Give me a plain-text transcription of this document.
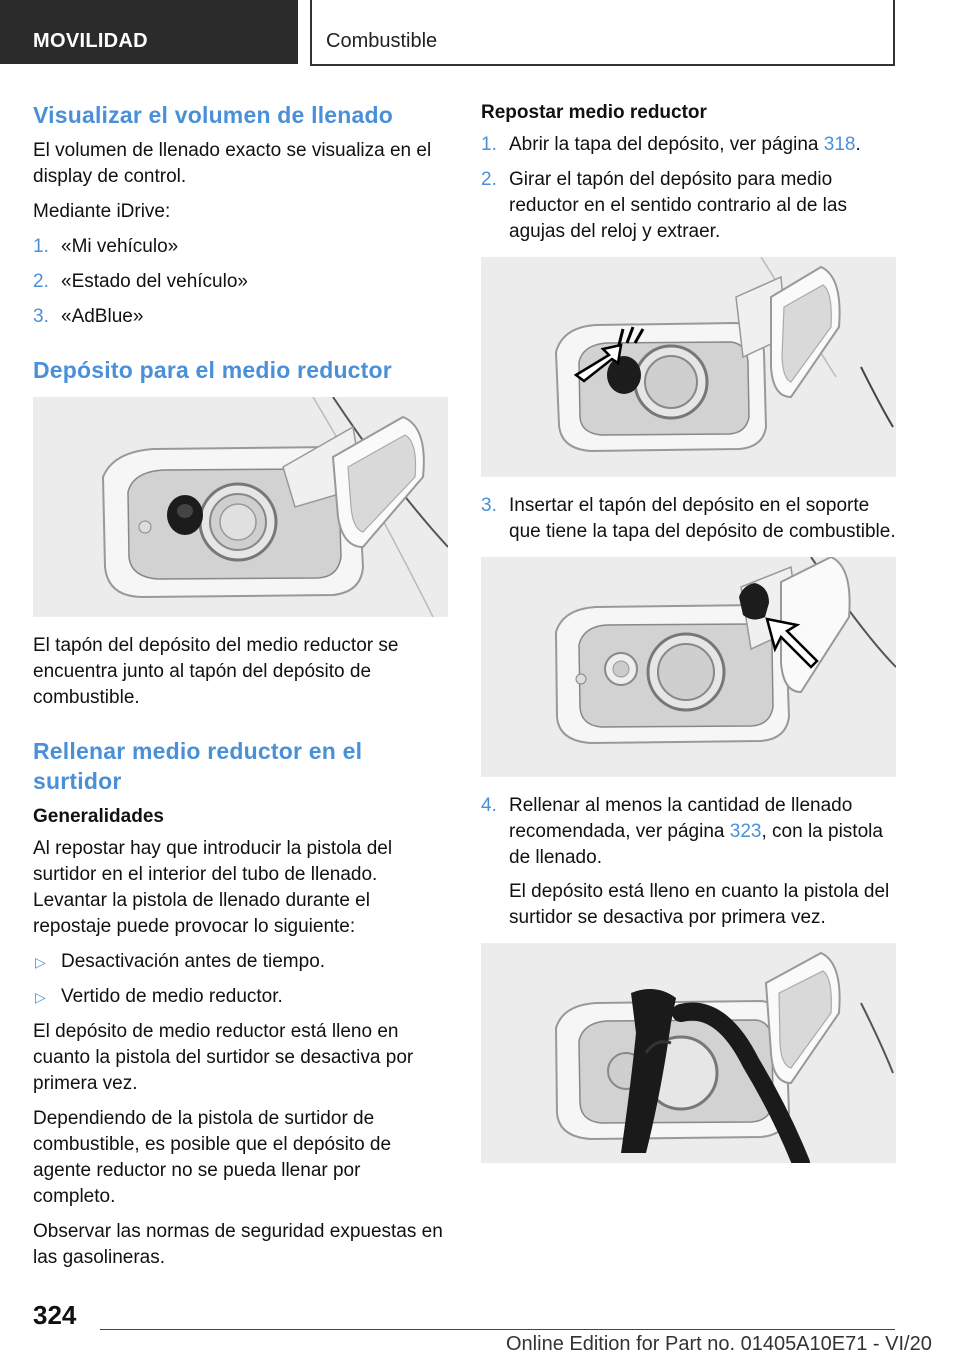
MOVILIDAD	Combustible
Visualizar el volumen de llenado
El volumen de llenado exacto se visualiza en el display de control.
Mediante iDrive:
1. «Mi vehículo»
2. «Estado del vehículo»
3. «AdBlue»
Depósito para el medio reductor
El tapón del depósito del medio reductor se encuentra junto al tapón del depósito de combustible.
Rellenar medio reductor en el surtidor
Generalidades
Al repostar hay que introducir la pistola del surtidor en el interior del tubo de llenado. Levantar la pistola de llenado durante el repostaje puede provocar lo siguiente:
▷ Desactivación antes de tiempo.
▷ Vertido de medio reductor.
El depósito de medio reductor está lleno en cuanto la pistola del surtidor se desactiva por primera vez.
Dependiendo de la pistola de surtidor de combustible, es posible que el depósito de agente reductor no se pueda llenar por completo.
Observar las normas de seguridad expuestas en las gasolineras.
Repostar medio reductor
1. Abrir la tapa del depósito, ver página 318.
2. Girar el tapón del depósito para medio reductor en el sentido contrario al de las agujas del reloj y extraer.
3. Insertar el tapón del depósito en el soporte que tiene la tapa del depósito de combustible.
4. Rellenar al menos la cantidad de llenado recomendada, ver página 323, con la pistola de llenado.
El depósito está lleno en cuanto la pistola del surtidor se desactiva por primera vez.
324
Online Edition for Part no. 01405A10E71 - VI/20
